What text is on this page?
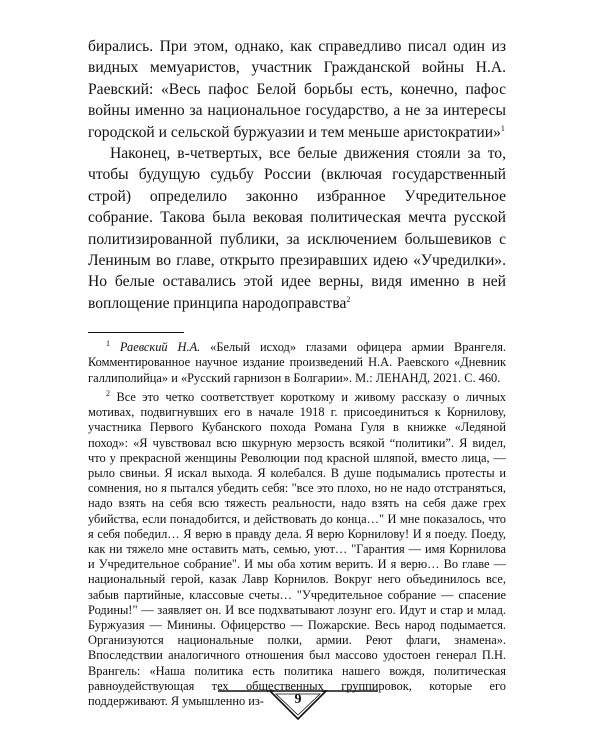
бирались. При этом, однако, как справедливо писал один из видных мемуаристов, участник Гражданской войны Н.А. Раевский: «Весь пафос Белой борьбы есть, конечно, пафос войны именно за национальное государство, а не за интересы городской и сельской буржуазии и тем меньше аристократии»$^1$

Наконец, в-четвертых, все белые движения стояли за то, чтобы будущую судьбу России (включая государственный строй) определило законно избранное Учредительное собрание. Такова была вековая политическая мечта русской политизированной публики, за исключением большевиков с Лениным во главе, открыто презиравших идею «Учредилки». Но белые оставались этой идее верны, видя именно в ней воплощение принципа народоправства$^2$

$^1$ Раевский Н.А. «Белый исход» глазами офицера армии Врангеля. Комментированное научное издание произведений Н.А. Раевского «Дневник галлиполийца» и «Русский гарнизон в Болгарии». М.: ЛЕНАНД, 2021. С. 460.

$^2$ Все это четко соответствует короткому и живому рассказу о личных мотивах, подвигнувших его в начале 1918 г. присоединиться к Корнилову, участника Первого Кубанского похода Романа Гуля в книжке «Ледяной поход»: «Я чувствовал всю шкурную мерзость всякой “политики”. Я видел, что у прекрасной женщины Революции под красной шляпой, вместо лица, — рыло свиньи. Я искал выхода. Я колебался. В душе подымались протесты и сомнения, но я пытался убедить себя: "все это плохо, но не надо отстраняться, надо взять на себя всю тяжесть реальности, надо взять на себя даже грех убийства, если понадобится, и действовать до конца…" И мне показалось, что я себя победил… Я верю в правду дела. Я верю Корнилову! И я поеду. Поеду, как ни тяжело мне оставить мать, семью, уют… "Гарантия — имя Корнилова и Учредительное собрание". И мы оба хотим верить. И я верю… Во главе — национальный герой, казак Лавр Корнилов. Вокруг него объединилось все, забыв партийные, классовые счеты… "Учредительное собрание — спасение Родины!" — заявляет он. И все подхватывают лозунг его. Идут и стар и млад. Буржуазия — Минины. Офицерство — Пожарские. Весь народ подымается. Организуются национальные полки, армии. Реют флаги, знамена». Впоследствии аналогичного отношения был массово удостоен генерал П.Н. Врангель: «Наша политика есть политика нашего вождя, политическая равноудействующая тех общественных группировок, которые его поддерживают. Я умышленно из-	9
